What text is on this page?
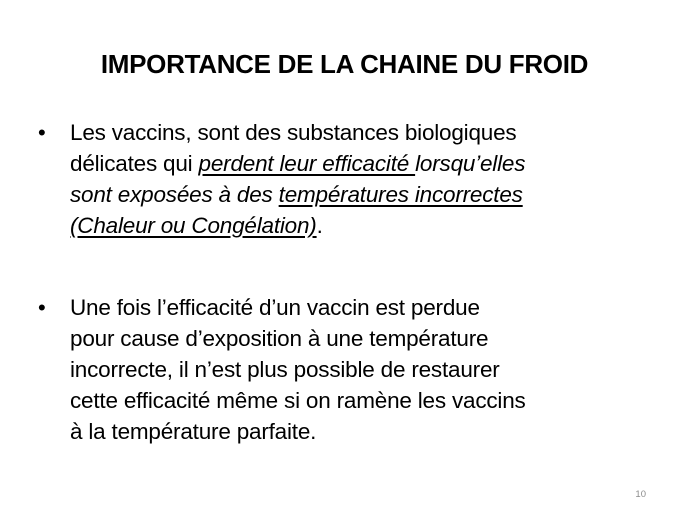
IMPORTANCE DE LA CHAINE DU FROID
•	Les vaccins, sont des substances biologiques
délicates qui perdent leur efficacité lorsqu’elles
sont exposées à des températures incorrectes
(Chaleur ou Congélation).
•	Une fois l’efficacité d’un vaccin est perdue
pour cause d’exposition à une température
incorrecte, il n’est plus possible de restaurer
cette efficacité même si on ramène les vaccins
à la température parfaite.
10
